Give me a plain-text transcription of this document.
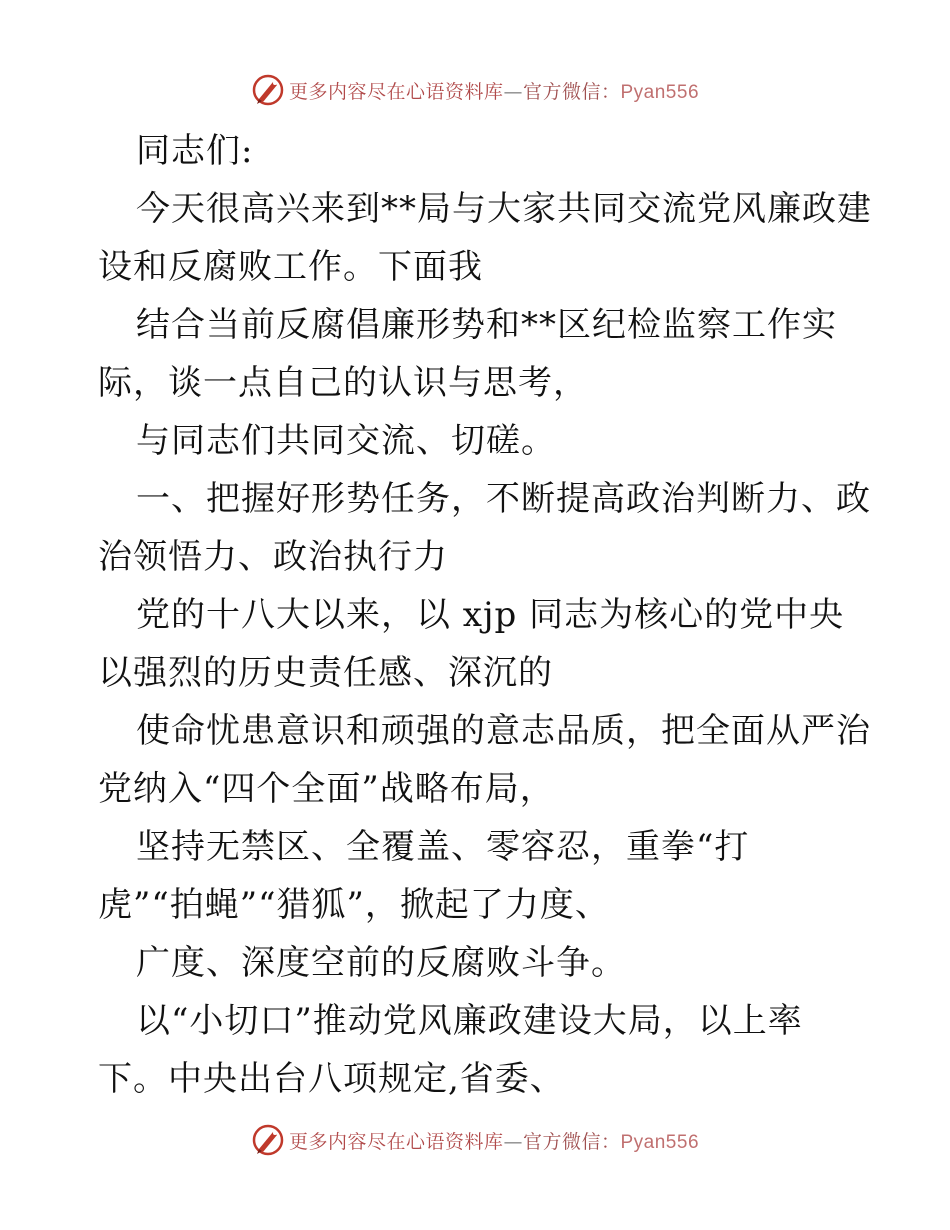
更多内容尽在心语资料库—官方微信：Pyan556
同志们:
今天很高兴来到**局与大家共同交流党风廉政建
设和反腐败工作。下面我
结合当前反腐倡廉形势和**区纪检监察工作实
际，谈一点自己的认识与思考，
与同志们共同交流、切磋。
一、把握好形势任务，不断提高政治判断力、政
治领悟力、政治执行力
党的十八大以来，以 xjp 同志为核心的党中央
以强烈的历史责任感、深沉的
使命忧患意识和顽强的意志品质，把全面从严治
党纳入“四个全面”战略布局，
坚持无禁区、全覆盖、零容忍，重拳“打
虎”“拍蝇”“猎狐”，掀起了力度、
广度、深度空前的反腐败斗争。
以“小切口”推动党风廉政建设大局，以上率
下。中央出台八项规定,省委、
更多内容尽在心语资料库—官方微信：Pyan556
